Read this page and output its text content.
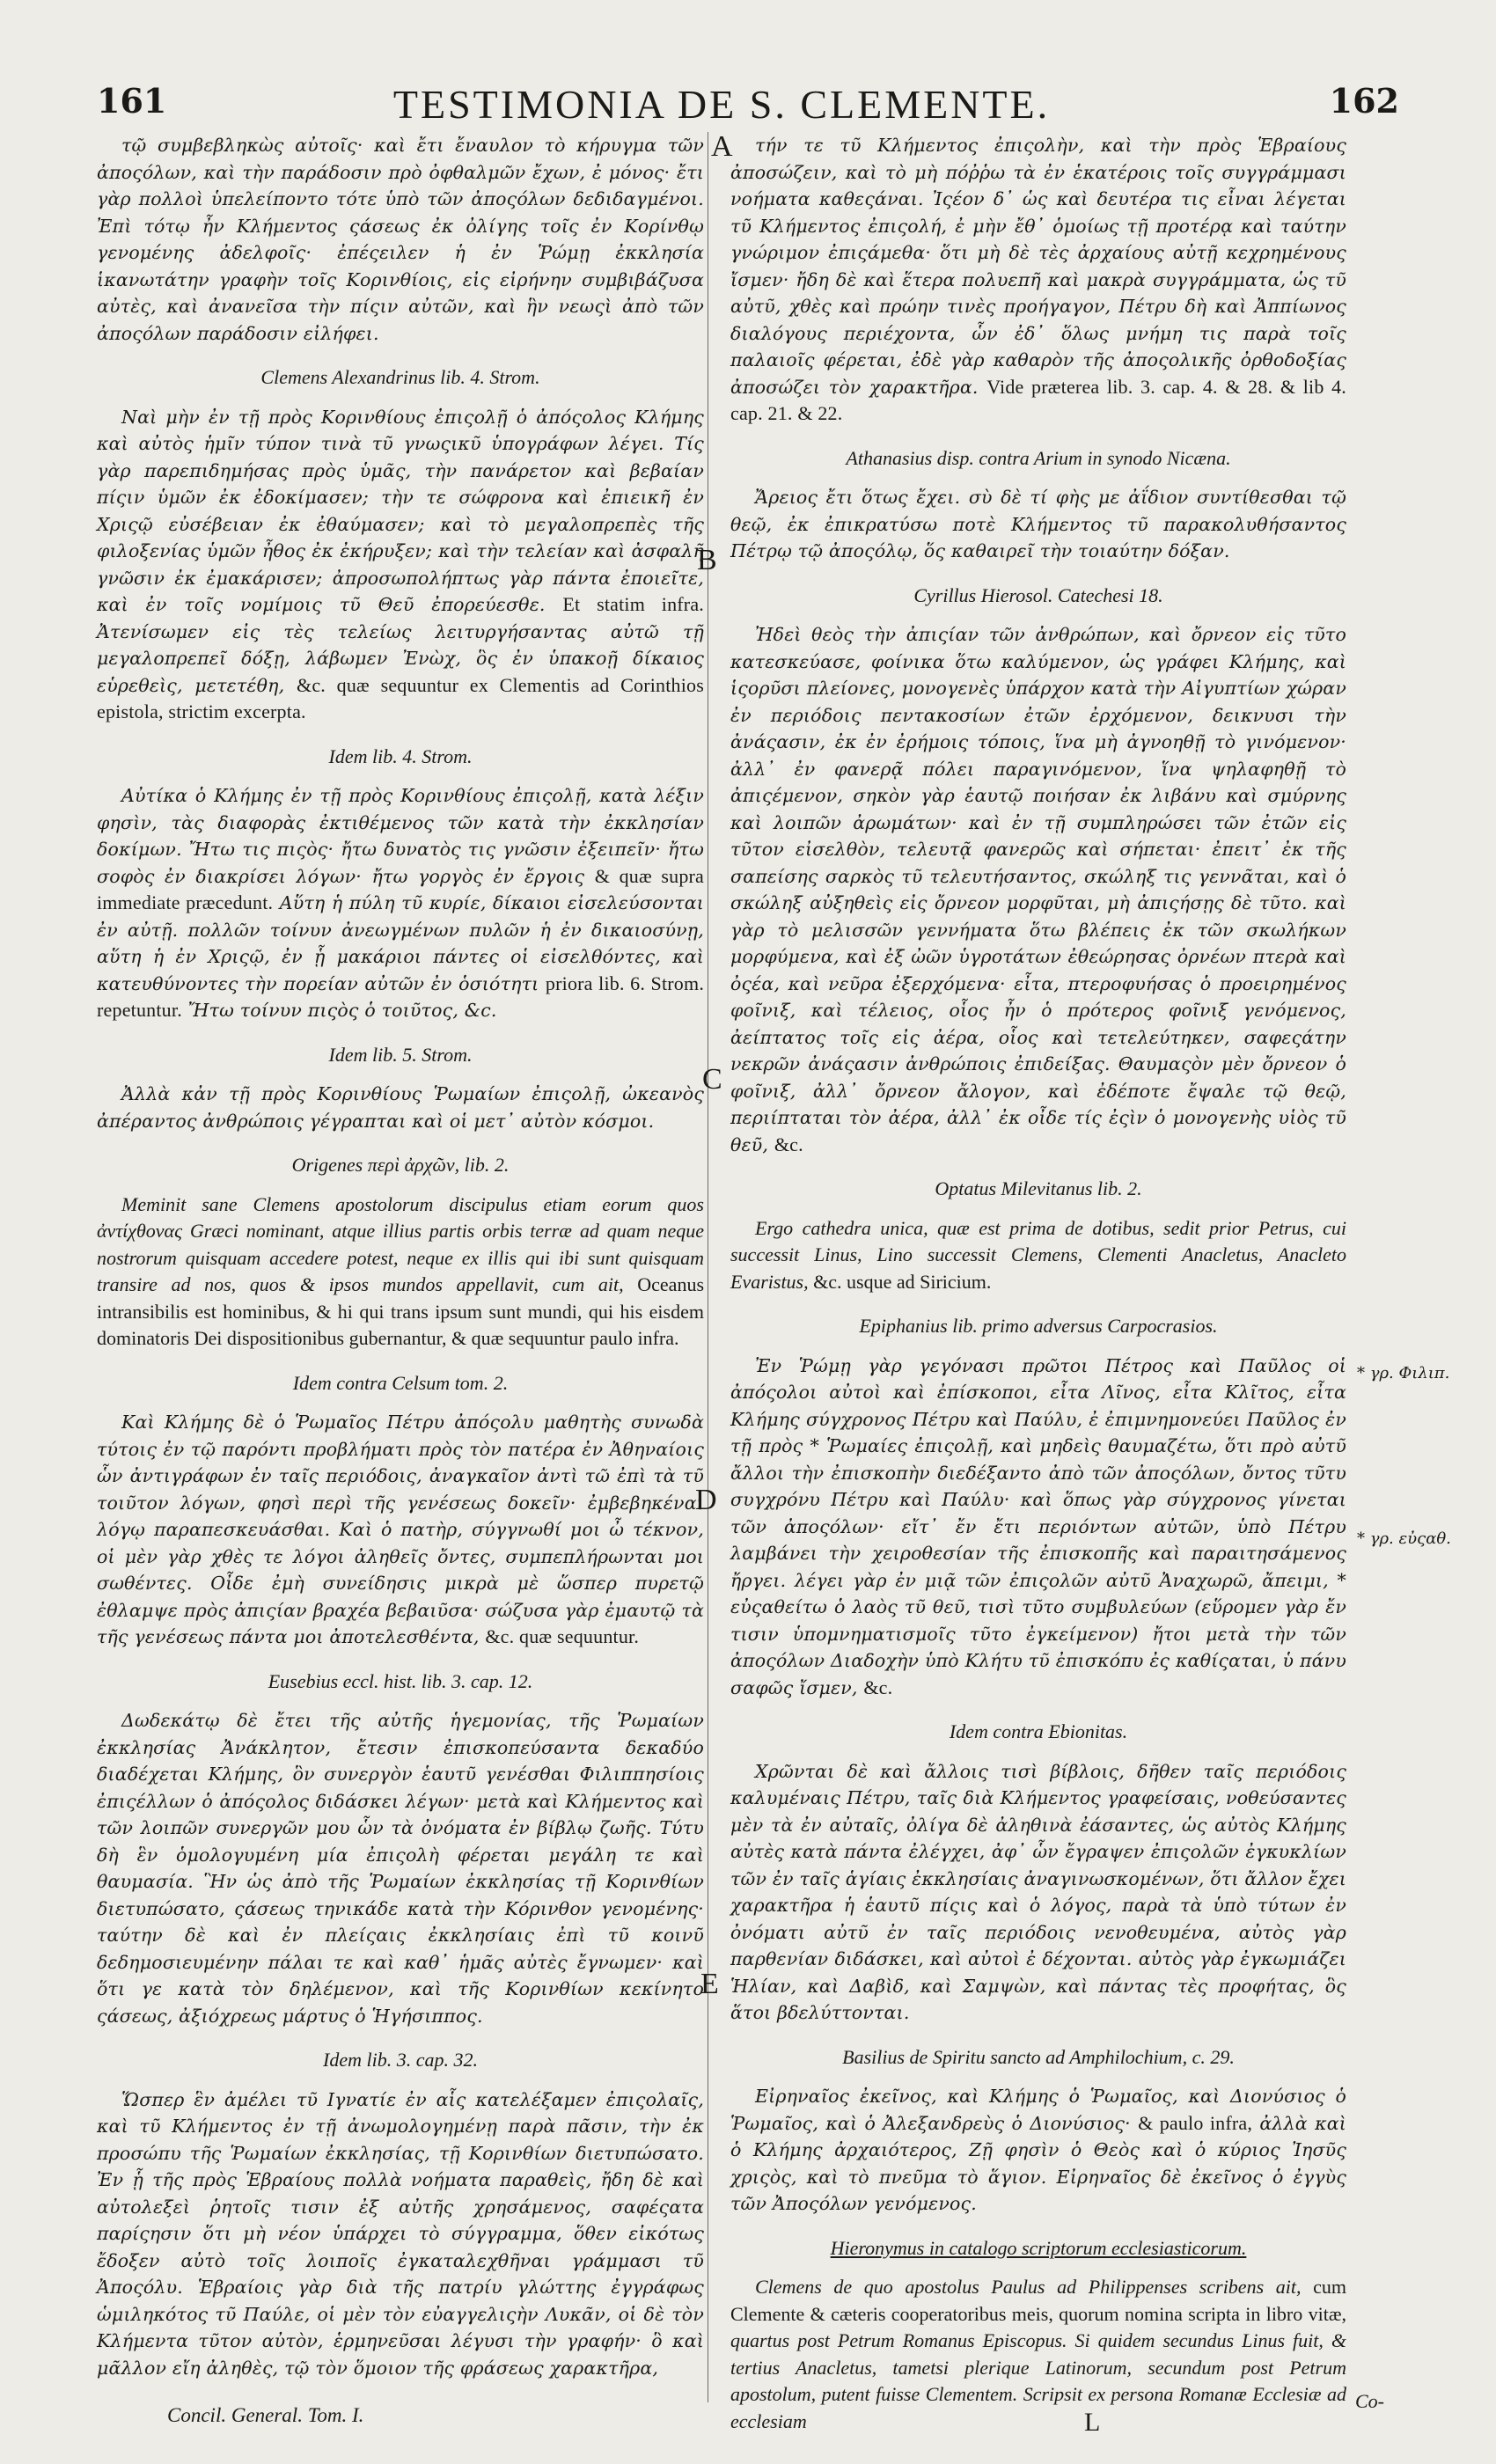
161	TESTIMONIA DE S. CLEMENTE.	162

τῷ συμβεβληκὼς αὐτοῖς· καὶ ἔτι ἔναυλον τὸ κήρυγμα τῶν ἀποςόλων, καὶ τὴν παράδοσιν πρὸ ὀφθαλμῶν ἔχων, ἐ μόνος· ἔτι γὰρ πολλοὶ ὑπελείποντο τότε ὑπὸ τῶν ἀποςόλων δεδιδαγμένοι. Ἐπὶ τότῳ ἦν Κλήμεντος ςάσεως ἐκ ὀλίγης τοῖς ἐν Κορίνθῳ γενομένης ἀδελφοῖς· ἐπέςειλεν ἡ ἐν Ῥώμῃ ἐκκλησία ἱκανωτάτην γραφὴν τοῖς Κορινθίοις, εἰς εἰρήνην συμβιβάζυσα αὐτὲς, καὶ ἀνανεῖσα τὴν πίςιν αὐτῶν, καὶ ἣν νεωςὶ ἀπὸ τῶν ἀποςόλων παράδοσιν εἰλήφει.

Clemens Alexandrinus lib. 4. Strom.

Ναὶ μὴν ἐν τῇ πρὸς Κορινθίους ἐπιςολῇ ὁ ἀπόςολος Κλήμης καὶ αὐτὸς ἡμῖν τύπον τινὰ τῦ γνωςικῦ ὑπογράφων λέγει. Τίς γὰρ παρεπιδημήσας πρὸς ὑμᾶς, τὴν πανάρετον καὶ βεβαίαν πίςιν ὑμῶν ἐκ ἐδοκίμασεν; τὴν τε σώφρονα καὶ ἐπιεικῆ ἐν Χριςῷ εὐσέβειαν ἐκ ἐθαύμασεν; καὶ τὸ μεγαλοπρεπὲς τῆς φιλοξενίας ὑμῶν ἦθος ἐκ ἐκήρυξεν; καὶ τὴν τελείαν καὶ ἀσφαλῆ γνῶσιν ἐκ ἐμακάρισεν; ἀπροσωπολήπτως γὰρ πάντα ἐποιεῖτε, καὶ ἐν τοῖς νομίμοις τῦ Θεῦ ἐπορεύεσθε. Et statim infra. Ἀτενίσωμεν εἰς τὲς τελείως λειτυργήσαντας αὐτῶ τῇ μεγαλοπρεπεῖ δόξῃ, λάβωμεν Ἐνὼχ, ὃς ἐν ὑπακοῇ δίκαιος εὑρεθεὶς, μετετέθη, &c. quæ sequuntur ex Clementis ad Corinthios epistola, strictim excerpta.

Idem lib. 4. Strom.

Αὐτίκα ὁ Κλήμης ἐν τῇ πρὸς Κορινθίους ἐπιςολῇ, κατὰ λέξιν φησὶν, τὰς διαφορὰς ἐκτιθέμενος τῶν κατὰ τὴν ἐκκλησίαν δοκίμων. Ἤτω τις πιςὸς· ἤτω δυνατὸς τις γνῶσιν ἐξειπεῖν· ἤτω σοφὸς ἐν διακρίσει λόγων· ἤτω γοργὸς ἐν ἔργοις & quæ supra immediate præcedunt. Αὕτη ἡ πύλη τῦ κυρίε, δίκαιοι εἰσελεύσονται ἐν αὐτῇ. πολλῶν τοίνυν ἀνεωγμένων πυλῶν ἡ ἐν δικαιοσύνῃ, αὕτη ἡ ἐν Χριςῷ, ἐν ᾗ μακάριοι πάντες οἱ εἰσελθόντες, καὶ κατευθύνοντες τὴν πορείαν αὐτῶν ἐν ὁσιότητι priora lib. 6. Strom. repetuntur. Ἤτω τοίνυν πιςὸς ὁ τοιῦτος, &c.

Idem lib. 5. Strom.

Ἀλλὰ κἀν τῇ πρὸς Κορινθίους Ῥωμαίων ἐπιςολῇ, ὠκεανὸς ἀπέραντος ἀνθρώποις γέγραπται καὶ οἱ μετ᾽ αὐτὸν κόσμοι.

Origenes περὶ ἀρχῶν, lib. 2.

Meminit sane Clemens apostolorum discipulus etiam eorum quos ἀντίχθονας Græci nominant, atque illius partis orbis terræ ad quam neque nostrorum quisquam accedere potest, neque ex illis qui ibi sunt quisquam transire ad nos, quos & ipsos mundos appellavit, cum ait, Oceanus intransibilis est hominibus, & hi qui trans ipsum sunt mundi, qui his eisdem dominatoris Dei dispositionibus gubernantur, & quæ sequuntur paulo infra.

Idem contra Celsum tom. 2.

Καὶ Κλήμης δὲ ὁ Ῥωμαῖος Πέτρυ ἀπόςολυ μαθητὴς συνωδὰ τύτοις ἐν τῷ παρόντι προβλήματι πρὸς τὸν πατέρα ἐν Ἀθηναίοις ὧν ἀντιγράφων ἐν ταῖς περιόδοις, ἀναγκαῖον ἀντὶ τῶ ἐπὶ τὰ τῦ τοιῦτον λόγων, φησὶ περὶ τῆς γενέσεως δοκεῖν· ἐμβεβηκέναι λόγῳ παραπεσκευάσθαι. Καὶ ὁ πατὴρ, σύγγνωθί μοι ὦ τέκνον, οἱ μὲν γὰρ χθὲς τε λόγοι ἀληθεῖς ὄντες, συμπεπλήρωνται μοι σωθέντες. Οἶδε ἐμὴ συνείδησις μικρὰ μὲ ὥσπερ πυρετῷ ἐθλαμψε πρὸς ἀπιςίαν βραχέα βεβαιῦσα· σώζυσα γὰρ ἐμαυτῷ τὰ τῆς γενέσεως πάντα μοι ἀποτελεσθέντα, &c. quæ sequuntur.

Eusebius eccl. hist. lib. 3. cap. 12.

Δωδεκάτῳ δὲ ἔτει τῆς αὐτῆς ἡγεμονίας, τῆς Ῥωμαίων ἐκκλησίας Ἀνάκλητον, ἔτεσιν ἐπισκοπεύσαντα δεκαδύο διαδέχεται Κλήμης, ὃν συνεργὸν ἑαυτῦ γενέσθαι Φιλιππησίοις ἐπιςέλλων ὁ ἀπόςολος διδάσκει λέγων· μετὰ καὶ Κλήμεντος καὶ τῶν λοιπῶν συνεργῶν μου ὧν τὰ ὀνόματα ἐν βίβλῳ ζωῆς. Τύτυ δὴ ἓν ὁμολογυμένη μία ἐπιςολὴ φέρεται μεγάλη τε καὶ θαυμασία. Ἣν ὡς ἀπὸ τῆς Ῥωμαίων ἐκκλησίας τῇ Κορινθίων διετυπώσατο, ςάσεως τηνικάδε κατὰ τὴν Κόρινθον γενομένης· ταύτην δὲ καὶ ἐν πλείςαις ἐκκλησίαις ἐπὶ τῦ κοινῦ δεδημοσιευμένην πάλαι τε καὶ καθ᾽ ἡμᾶς αὐτὲς ἔγνωμεν· καὶ ὅτι γε κατὰ τὸν δηλέμενον, καὶ τῆς Κορινθίων κεκίνητο ςάσεως, ἀξιόχρεως μάρτυς ὁ Ἡγήσιππος.

Idem lib. 3. cap. 32.

Ὥσπερ ἓν ἀμέλει τῦ Ιγνατίε ἐν αἷς κατελέξαμεν ἐπιςολαῖς, καὶ τῦ Κλήμεντος ἐν τῇ ἀνωμολογημένῃ παρὰ πᾶσιν, τὴν ἐκ προσώπυ τῆς Ῥωμαίων ἐκκλησίας, τῇ Κορινθίων διετυπώσατο. Ἐν ᾗ τῆς πρὸς Ἑβραίους πολλὰ νοήματα παραθεὶς, ἤδη δὲ καὶ αὐτολεξεὶ ῥητοῖς τισιν ἐξ αὐτῆς χρησάμενος, σαφέςατα παρίςησιν ὅτι μὴ νέον ὑπάρχει τὸ σύγγραμμα, ὅθεν εἰκότως ἔδοξεν αὐτὸ τοῖς λοιποῖς ἐγκαταλεχθῆναι γράμμασι τῦ Ἀποςόλυ. Ἑβραίοις γὰρ διὰ τῆς πατρίυ γλώττης ἐγγράφως ὡμιληκότος τῦ Παύλε, οἱ μὲν τὸν εὐαγγελιςὴν Λυκᾶν, οἱ δὲ τὸν Κλήμεντα τῦτον αὐτὸν, ἑρμηνεῦσαι λέγυσι τὴν γραφήν· ὃ καὶ μᾶλλον εἴη ἀληθὲς, τῷ τὸν ὅμοιον τῆς φράσεως χαρακτῆρα,

τήν τε τῦ Κλήμεντος ἐπιςολὴν, καὶ τὴν πρὸς Ἑβραίους ἀποσώζειν, καὶ τὸ μὴ πόῤῥω τὰ ἐν ἑκατέροις τοῖς συγγράμμασι νοήματα καθεςάναι. Ἰςέον δ᾽ ὡς καὶ δευτέρα τις εἶναι λέγεται τῦ Κλήμεντος ἐπιςολή, ἐ μὴν ἔθ᾽ ὁμοίως τῇ προτέρᾳ καὶ ταύτην γνώριμον ἐπιςάμεθα· ὅτι μὴ δὲ τὲς ἀρχαίους αὐτῇ κεχρημένους ἴσμεν· ἤδη δὲ καὶ ἕτερα πολυεπῆ καὶ μακρὰ συγγράμματα, ὡς τῦ αὐτῦ, χθὲς καὶ πρώην τινὲς προήγαγον, Πέτρυ δὴ καὶ Ἀππίωνος διαλόγους περιέχοντα, ὧν ἐδ᾽ ὅλως μνήμη τις παρὰ τοῖς παλαιοῖς φέρεται, ἐδὲ γὰρ καθαρὸν τῆς ἀποςολικῆς ὀρθοδοξίας ἀποσώζει τὸν χαρακτῆρα. Vide præterea lib. 3. cap. 4. & 28. & lib 4. cap. 21. & 22.

Athanasius disp. contra Arium in synodo Nicæna.

Ἄρειος ἔτι ὅτως ἔχει. σὺ δὲ τί φὴς με ἀΐδιον συντίθεσθαι τῷ θεῷ, ἐκ ἐπικρατύσω ποτὲ Κλήμεντος τῦ παρακολυθήσαντος Πέτρῳ τῷ ἀποςόλῳ, ὅς καθαιρεῖ τὴν τοιαύτην δόξαν.

Cyrillus Hierosol. Catechesi 18.

Ἠδεὶ θεὸς τὴν ἀπιςίαν τῶν ἀνθρώπων, καὶ ὄρνεον εἰς τῦτο κατεσκεύασε, φοίνικα ὅτω καλύμενον, ὡς γράφει Κλήμης, καὶ ἱςορῦσι πλείονες, μονογενὲς ὑπάρχον κατὰ τὴν Αἰγυπτίων χώραν ἐν περιόδοις πεντακοσίων ἐτῶν ἐρχόμενον, δεικνυσι τὴν ἀνάςασιν, ἐκ ἐν ἐρήμοις τόποις, ἵνα μὴ ἀγνοηθῇ τὸ γινόμενον· ἀλλ᾽ ἐν φανερᾷ πόλει παραγινόμενον, ἵνα ψηλαφηθῇ τὸ ἀπιςέμενον, σηκὸν γὰρ ἑαυτῷ ποιήσαν ἐκ λιβάνυ καὶ σμύρνης καὶ λοιπῶν ἀρωμάτων· καὶ ἐν τῇ συμπληρώσει τῶν ἐτῶν εἰς τῦτον εἰσελθὸν, τελευτᾷ φανερῶς καὶ σήπεται· ἐπειτ᾽ ἐκ τῆς σαπείσης σαρκὸς τῦ τελευτήσαντος, σκώληξ τις γεννᾶται, καὶ ὁ σκώληξ αὐξηθεὶς εἰς ὄρνεον μορφῦται, μὴ ἀπιςήσῃς δὲ τῦτο. καὶ γὰρ τὸ μελισσῶν γεννήματα ὅτω βλέπεις ἐκ τῶν σκωλήκων μορφύμενα, καὶ ἐξ ὠῶν ὑγροτάτων ἐθεώρησας ὀρνέων πτερὰ καὶ ὀςέα, καὶ νεῦρα ἐξερχόμενα· εἶτα, πτεροφυήσας ὁ προειρημένος φοῖνιξ, καὶ τέλειος, οἷος ἦν ὁ πρότερος φοῖνιξ γενόμενος, ἀείπτατος τοῖς εἰς ἀέρα, οἷος καὶ τετελεύτηκεν, σαφεςάτην νεκρῶν ἀνάςασιν ἀνθρώποις ἐπιδείξας. Θαυμαςὸν μὲν ὄρνεον ὁ φοῖνιξ, ἀλλ᾽ ὄρνεον ἄλογον, καὶ ἐδέποτε ἔψαλε τῷ θεῷ, περιίπταται τὸν ἀέρα, ἀλλ᾽ ἐκ οἶδε τίς ἐςὶν ὁ μονογενὴς υἱὸς τῦ θεῦ, &c.

Optatus Milevitanus lib. 2.

Ergo cathedra unica, quæ est prima de dotibus, sedit prior Petrus, cui successit Linus, Lino successit Clemens, Clementi Anacletus, Anacleto Evaristus, &c. usque ad Siricium.

Epiphanius lib. primo adversus Carpocrasios.

Ἐν Ῥώμῃ γὰρ γεγόνασι πρῶτοι Πέτρος καὶ Παῦλος οἱ ἀπόςολοι αὐτοὶ καὶ ἐπίσκοποι, εἶτα Λῖνος, εἶτα Κλῖτος, εἶτα Κλήμης σύγχρονος Πέτρυ καὶ Παύλυ, ἐ ἐπιμνημονεύει Παῦλος ἐν τῇ πρὸς * Ῥωμαίες ἐπιςολῇ, καὶ μηδεὶς θαυμαζέτω, ὅτι πρὸ αὐτῦ ἄλλοι τὴν ἐπισκοπὴν διεδέξαντο ἀπὸ τῶν ἀποςόλων, ὄντος τῦτυ συγχρόνυ Πέτρυ καὶ Παύλυ· καὶ ὅπως γὰρ σύγχρονος γίνεται τῶν ἀποςόλων· εἴτ᾽ ἔν ἔτι περιόντων αὐτῶν, ὑπὸ Πέτρυ λαμβάνει τὴν χειροθεσίαν τῆς ἐπισκοπῆς καὶ παραιτησάμενος ἤργει. λέγει γὰρ ἐν μιᾷ τῶν ἐπιςολῶν αὐτῦ Ἀναχωρῶ, ἄπειμι, * εὐςαθείτω ὁ λαὸς τῦ θεῦ, τισὶ τῦτο συμβυλεύων (εὕρομεν γὰρ ἔν τισιν ὑπομνηματισμοῖς τῦτο ἐγκείμενον) ἤτοι μετὰ τὴν τῶν ἀποςόλων Διαδοχὴν ὑπὸ Κλήτυ τῦ ἐπισκόπυ ἐς καθίςαται, ὑ πάνυ σαφῶς ἴσμεν, &c.

Idem contra Ebionitas.

Χρῶνται δὲ καὶ ἄλλοις τισὶ βίβλοις, δῆθεν ταῖς περιόδοις καλυμέναις Πέτρυ, ταῖς διὰ Κλήμεντος γραφείσαις, νοθεύσαντες μὲν τὰ ἐν αὐταῖς, ὀλίγα δὲ ἀληθινὰ ἐάσαντες, ὡς αὐτὸς Κλήμης αὐτὲς κατὰ πάντα ἐλέγχει, ἀφ᾽ ὧν ἔγραψεν ἐπιςολῶν ἐγκυκλίων τῶν ἐν ταῖς ἁγίαις ἐκκλησίαις ἀναγινωσκομένων, ὅτι ἄλλον ἔχει χαρακτῆρα ἡ ἑαυτῦ πίςις καὶ ὁ λόγος, παρὰ τὰ ὑπὸ τύτων ἐν ὀνόματι αὐτῦ ἐν ταῖς περιόδοις νενοθευμένα, αὐτὸς γὰρ παρθενίαν διδάσκει, καὶ αὐτοὶ ἐ δέχονται. αὐτὸς γὰρ ἐγκωμιάζει Ἡλίαν, καὶ Δαβὶδ, καὶ Σαμψὼν, καὶ πάντας τὲς προφήτας, ὃς ἅτοι βδελύττονται.

Basilius de Spiritu sancto ad Amphilochium, c. 29.

Εἰρηναῖος ἐκεῖνος, καὶ Κλήμης ὁ Ῥωμαῖος, καὶ Διονύσιος ὁ Ῥωμαῖος, καὶ ὁ Ἀλεξανδρεὺς ὁ Διονύσιος· & paulo infra, ἀλλὰ καὶ ὁ Κλήμης ἀρχαιότερος, Ζῇ φησὶν ὁ Θεὸς καὶ ὁ κύριος Ἰησῦς χριςὸς, καὶ τὸ πνεῦμα τὸ ἅγιον. Εἰρηναῖος δὲ ἐκεῖνος ὁ ἐγγὺς τῶν Ἀποςόλων γενόμενος.

Hieronymus in catalogo scriptorum ecclesiasticorum.

Clemens de quo apostolus Paulus ad Philippenses scribens ait, cum Clemente & cæteris cooperatoribus meis, quorum nomina scripta in libro vitæ, quartus post Petrum Romanus Episcopus. Si quidem secundus Linus fuit, & tertius Anacletus, tametsi plerique Latinorum, secundum post Petrum apostolum, putent fuisse Clementem. Scripsit ex persona Romanæ Ecclesiæ ad ecclesiam

A
B
C
D
E
* γρ. Φιλιπ.
* γρ. εὐςαθ.
Concil. General. Tom. I.	L
Co-
